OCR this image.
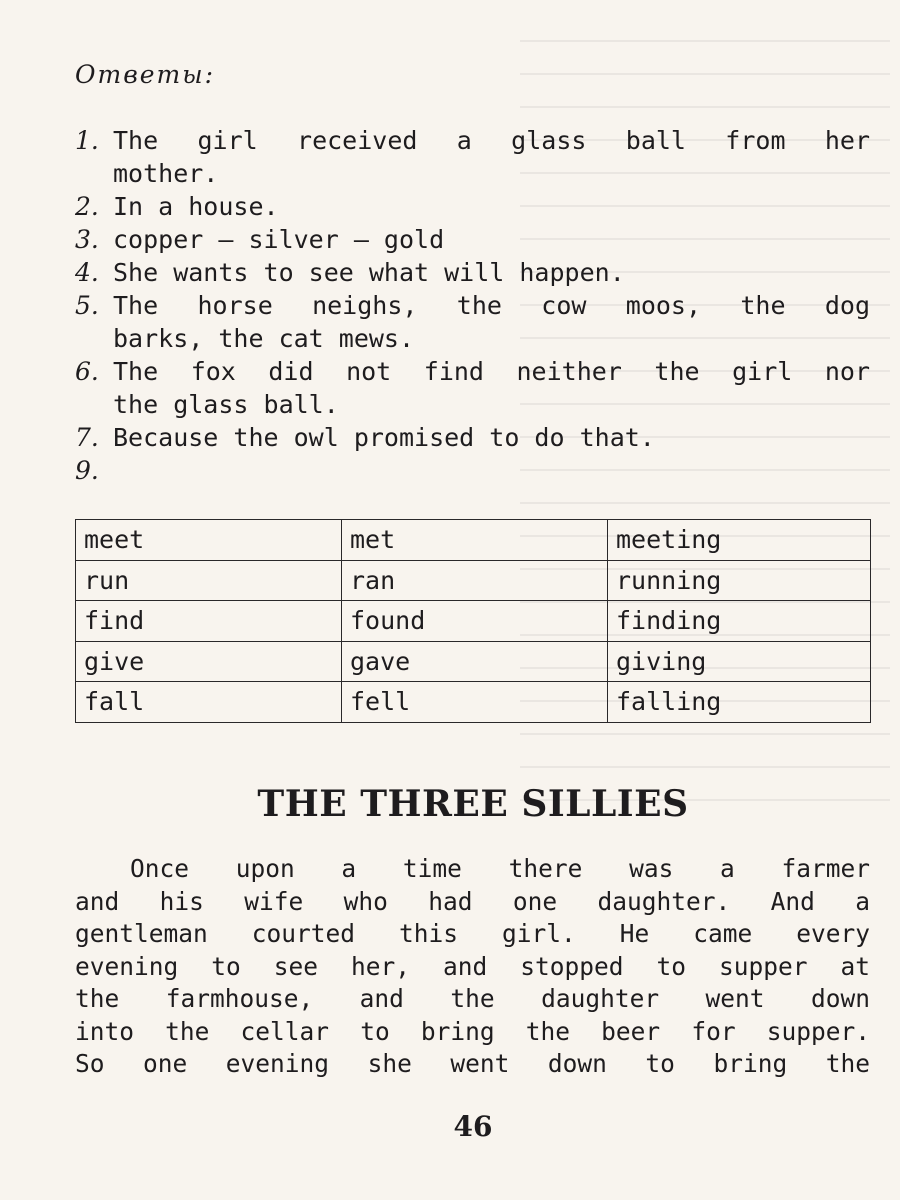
Ответы:
1. The girl received a glass ball from her
mother.
2. In a house.
3. copper — silver — gold
4. She wants to see what will happen.
5. The horse neighs, the cow moos, the dog
barks, the cat mews.
6. The fox did not find neither the girl nor
the glass ball.
7. Because the owl promised to do that.
9.
meet	met	meeting
run	ran	running
find	found	finding
give	gave	giving
fall	fell	falling
THE THREE SILLIES
Once upon a time there was a farmer
and his wife who had one daughter. And a
gentleman courted this girl. He came every
evening to see her, and stopped to supper at
the farmhouse, and the daughter went down
into the cellar to bring the beer for supper.
So one evening she went down to bring the
46
